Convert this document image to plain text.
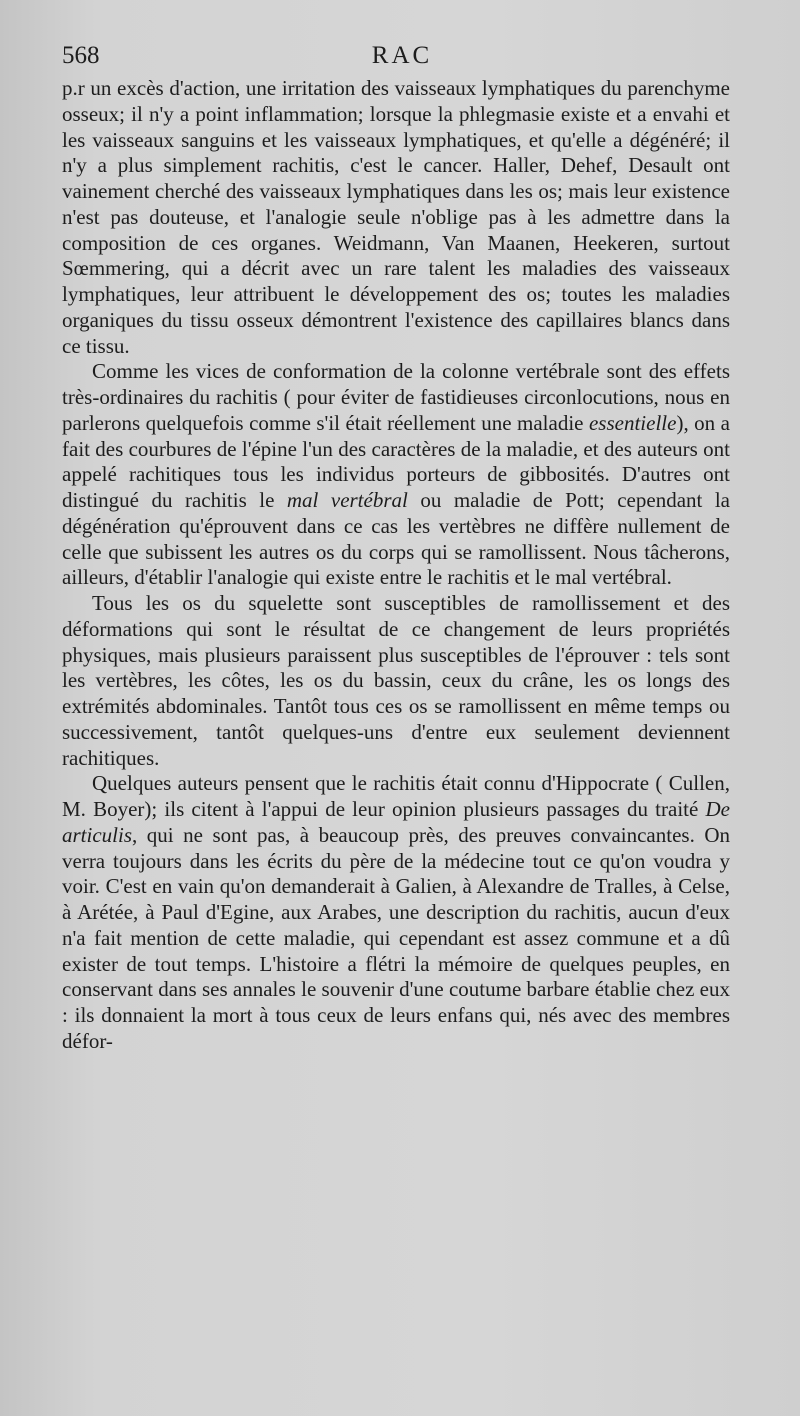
568	RAC

p.r un excès d'action, une irritation des vaisseaux lymphatiques du parenchyme osseux; il n'y a point inflammation; lorsque la phlegmasie existe et a envahi et les vaisseaux sanguins et les vaisseaux lymphatiques, et qu'elle a dégénéré; il n'y a plus simplement rachitis, c'est le cancer. Haller, Dehef, Desault ont vainement cherché des vaisseaux lymphatiques dans les os; mais leur existence n'est pas douteuse, et l'analogie seule n'oblige pas à les admettre dans la composition de ces organes. Weidmann, Van Maanen, Heekeren, surtout Sœmmering, qui a décrit avec un rare talent les maladies des vaisseaux lymphatiques, leur attribuent le développement des os; toutes les maladies organiques du tissu osseux démontrent l'existence des capillaires blancs dans ce tissu.

Comme les vices de conformation de la colonne vertébrale sont des effets très-ordinaires du rachitis ( pour éviter de fastidieuses circonlocutions, nous en parlerons quelquefois comme s'il était réellement une maladie essentielle), on a fait des courbures de l'épine l'un des caractères de la maladie, et des auteurs ont appelé rachitiques tous les individus porteurs de gibbosités. D'autres ont distingué du rachitis le mal vertébral ou maladie de Pott; cependant la dégénération qu'éprouvent dans ce cas les vertèbres ne diffère nullement de celle que subissent les autres os du corps qui se ramollissent. Nous tâcherons, ailleurs, d'établir l'analogie qui existe entre le rachitis et le mal vertébral.

Tous les os du squelette sont susceptibles de ramollissement et des déformations qui sont le résultat de ce changement de leurs propriétés physiques, mais plusieurs paraissent plus susceptibles de l'éprouver : tels sont les vertèbres, les côtes, les os du bassin, ceux du crâne, les os longs des extrémités abdominales. Tantôt tous ces os se ramollissent en même temps ou successivement, tantôt quelques-uns d'entre eux seulement deviennent rachitiques.

Quelques auteurs pensent que le rachitis était connu d'Hippocrate ( Cullen, M. Boyer); ils citent à l'appui de leur opinion plusieurs passages du traité De articulis, qui ne sont pas, à beaucoup près, des preuves convaincantes. On verra toujours dans les écrits du père de la médecine tout ce qu'on voudra y voir. C'est en vain qu'on demanderait à Galien, à Alexandre de Tralles, à Celse, à Arétée, à Paul d'Egine, aux Arabes, une description du rachitis, aucun d'eux n'a fait mention de cette maladie, qui cependant est assez commune et a dû exister de tout temps. L'histoire a flétri la mémoire de quelques peuples, en conservant dans ses annales le souvenir d'une coutume barbare établie chez eux : ils donnaient la mort à tous ceux de leurs enfans qui, nés avec des membres défor-
